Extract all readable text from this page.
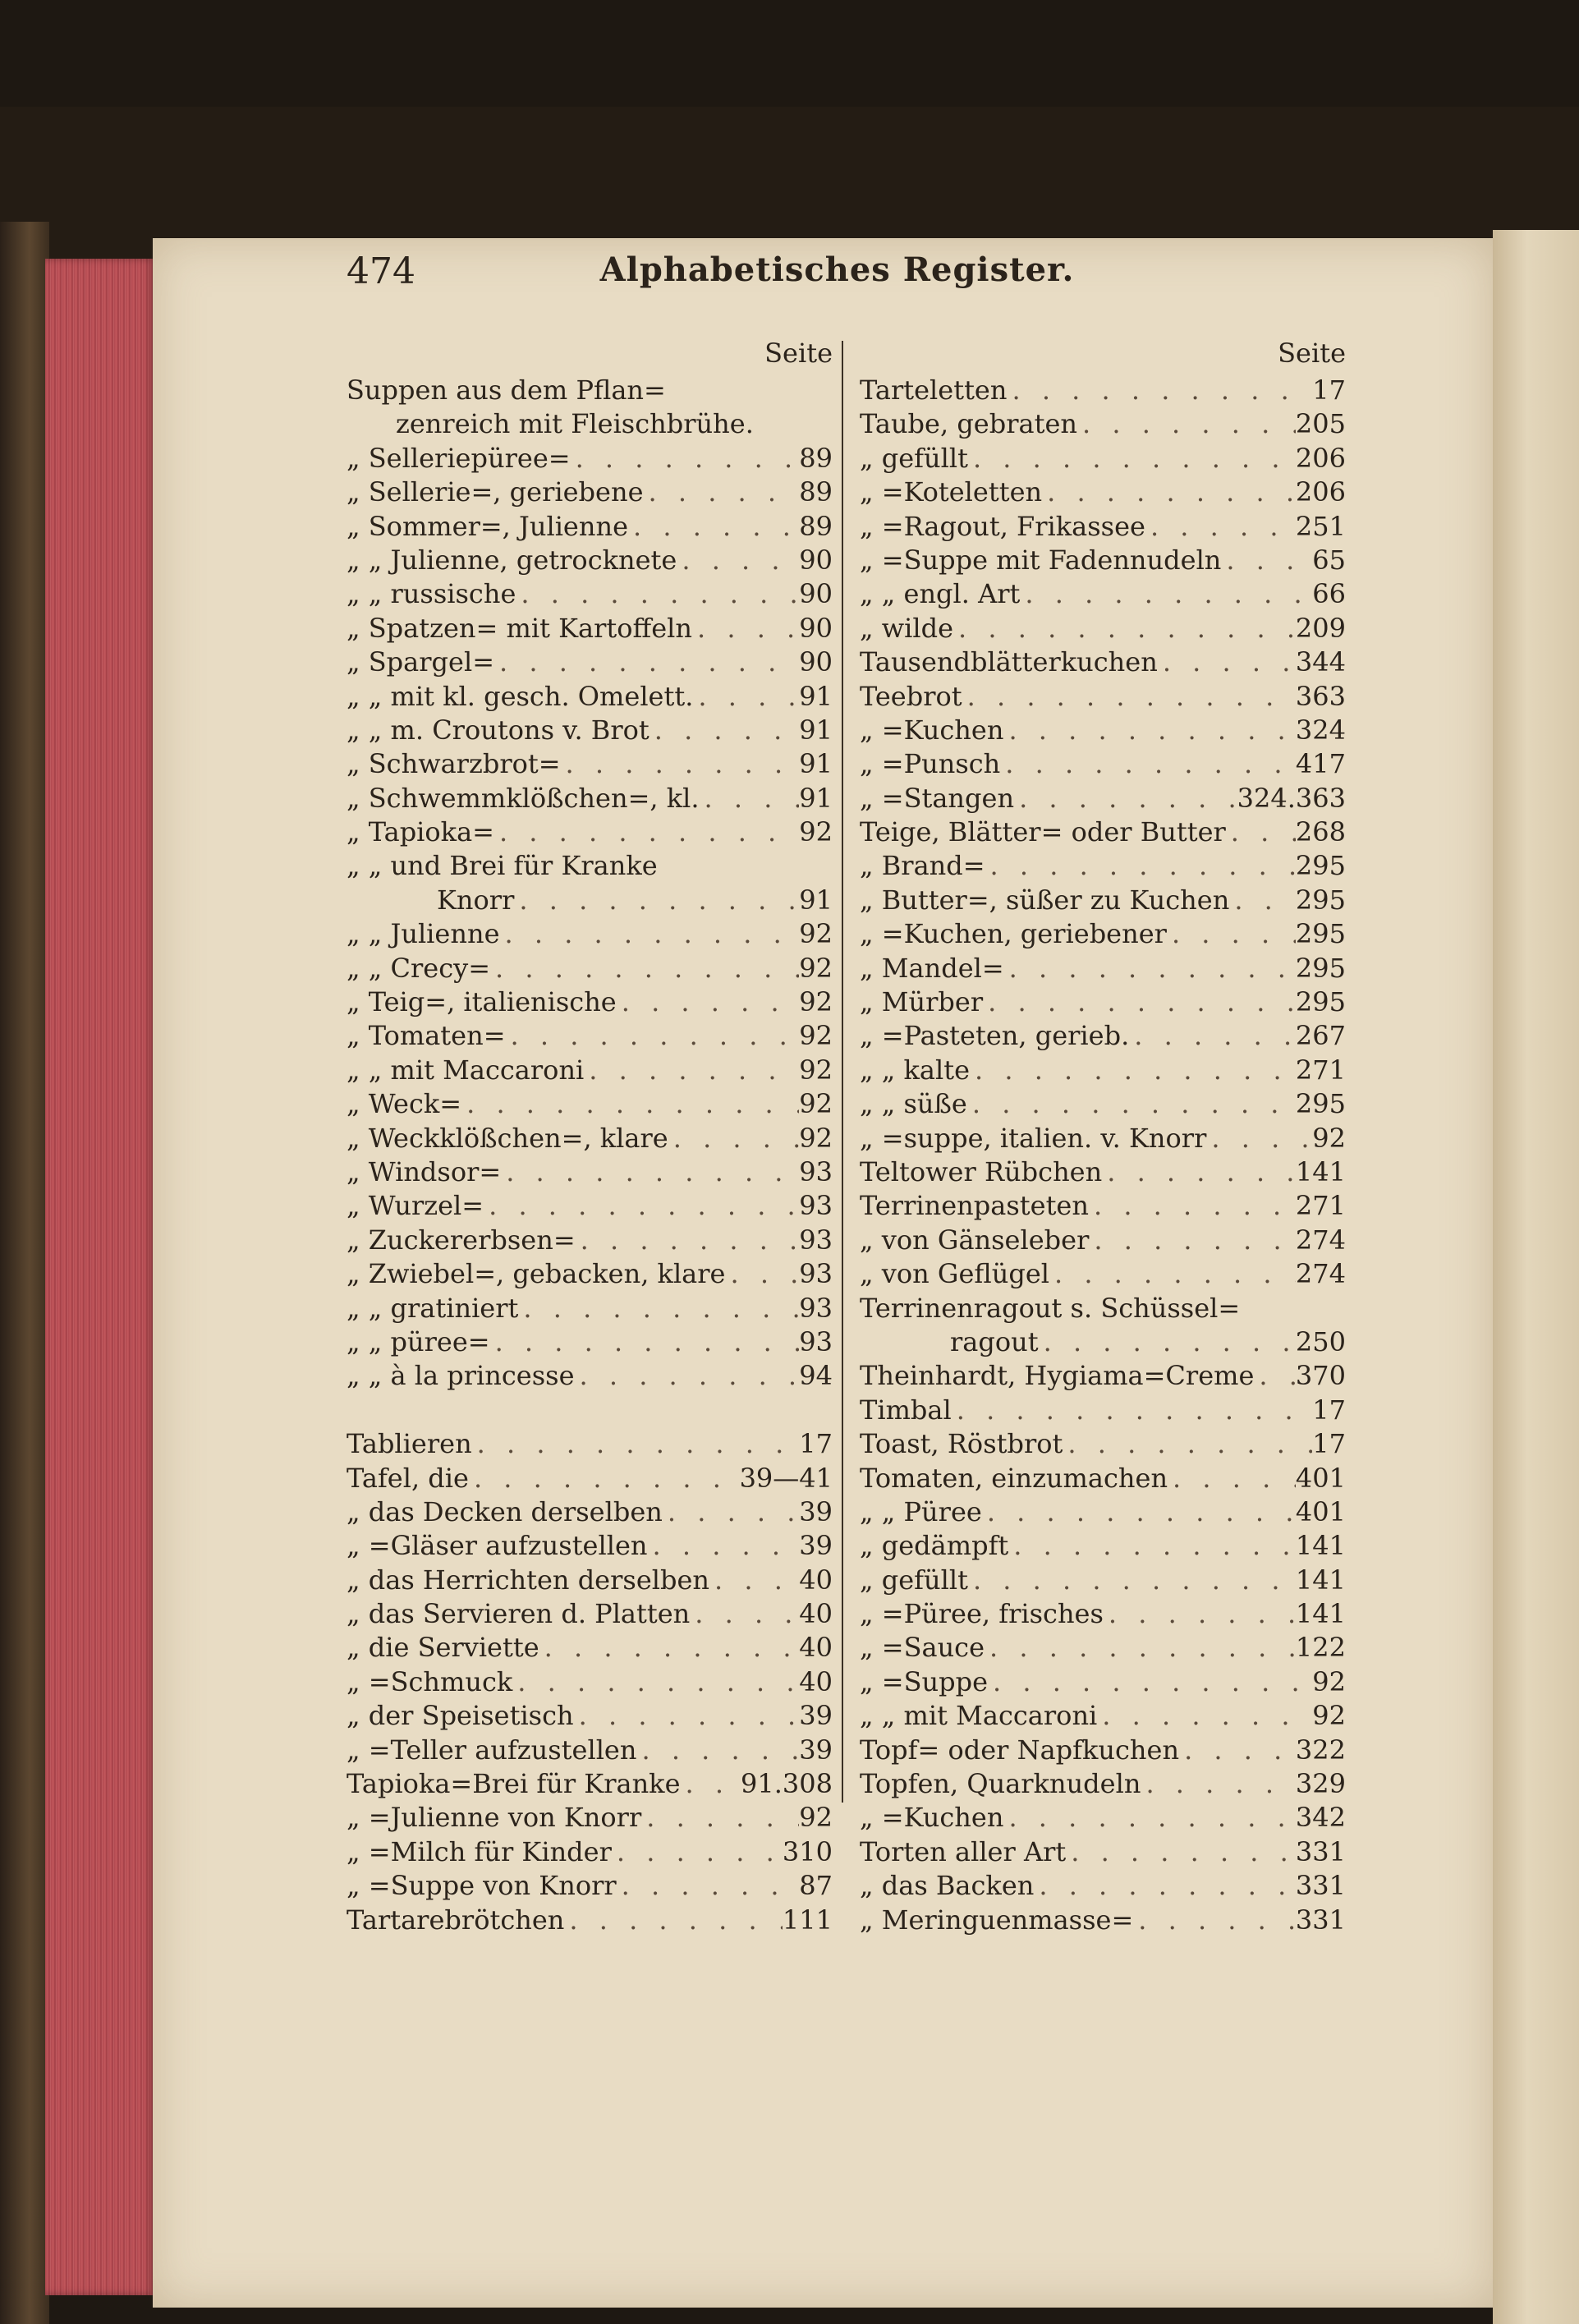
474	Alphabetisches Register.
Seite
Suppen aus dem Pflan=
zenreich mit Fleischbrühe.
„ Selleriepüree= . . .	89
„ Sellerie=, geriebene . . .	89
„ Sommer=, Julienne . . .	89
„ „ Julienne, getrocknete . . .	90
„ „ russische . . .	90
„ Spatzen= mit Kartoffeln . . .	90
„ Spargel= . . .	90
„ „ mit kl. gesch. Omelett. . . .	91
„ „ m. Croutons v. Brot . . .	91
„ Schwarzbrot= . . .	91
„ Schwemmklößchen=, kl. . . .	91
„ Tapioka= . . .	92
„ „ und Brei für Kranke
Knorr . . .	91
„ „ Julienne . . .	92
„ „ Crecy= . . .	92
„ Teig=, italienische . . .	92
„ Tomaten= . . .	92
„ „ mit Maccaroni . . .	92
„ Weck= . . .	92
„ Weckklößchen=, klare . . .	92
„ Windsor= . . .	93
„ Wurzel= . . .	93
„ Zuckererbsen= . . .	93
„ Zwiebel=, gebacken, klare . . .	93
„ „ gratiniert . . .	93
„ „ püree= . . .	93
„ „ à la princesse . . .	94
Tablieren . . .	17
Tafel, die . . .	39—41
„ das Decken derselben . . .	39
„ =Gläser aufzustellen . . .	39
„ das Herrichten derselben . . .	40
„ das Servieren d. Platten . . .	40
„ die Serviette . . .	40
„ =Schmuck . . .	40
„ der Speisetisch . . .	39
„ =Teller aufzustellen . . .	39
Tapioka=Brei für Kranke . . . 91.308
„ =Julienne von Knorr . . .	92
„ =Milch für Kinder . . .	310
„ =Suppe von Knorr . . .	87
Tartarebrötchen . . .	111
Seite
Tarteletten . . .	17
Taube, gebraten . . .	205
„ gefüllt . . .	206
„ =Koteletten . . .	206
„ =Ragout, Frikassee . . .	251
„ =Suppe mit Fadennudeln . . .	65
„ „ engl. Art . . .	66
„ wilde . . .	209
Tausendblätterkuchen . . .	344
Teebrot . . .	363
„ =Kuchen . . .	324
„ =Punsch . . .	417
„ =Stangen . . .	324.363
Teige, Blätter= oder Butter . . .	268
„ Brand= . . .	295
„ Butter=, süßer zu Kuchen . . .	295
„ =Kuchen, geriebener . . .	295
„ Mandel= . . .	295
„ Mürber . . .	295
„ =Pasteten, gerieb. . . .	267
„ „ kalte . . .	271
„ „ süße . . .	295
„ =suppe, italien. v. Knorr . . .	92
Teltower Rübchen . . .	141
Terrinenpasteten . . .	271
„ von Gänseleber . . .	274
„ von Geflügel . . .	274
Terrinenragout s. Schüssel=
ragout . . .	250
Theinhardt, Hygiama=Creme . . . 370
Timbal . . .	17
Toast, Röstbrot . . .	17
Tomaten, einzumachen . . .	401
„ „ Püree . . .	401
„ gedämpft . . .	141
„ gefüllt . . .	141
„ =Püree, frisches . . .	141
„ =Sauce . . .	122
„ =Suppe . . .	92
„ „ mit Maccaroni . . .	92
Topf= oder Napfkuchen . . .	322
Topfen, Quarknudeln . . .	329
„ =Kuchen . . .	342
Torten aller Art . . .	331
„ das Backen . . .	331
„ Meringuenmasse= . . .	331
